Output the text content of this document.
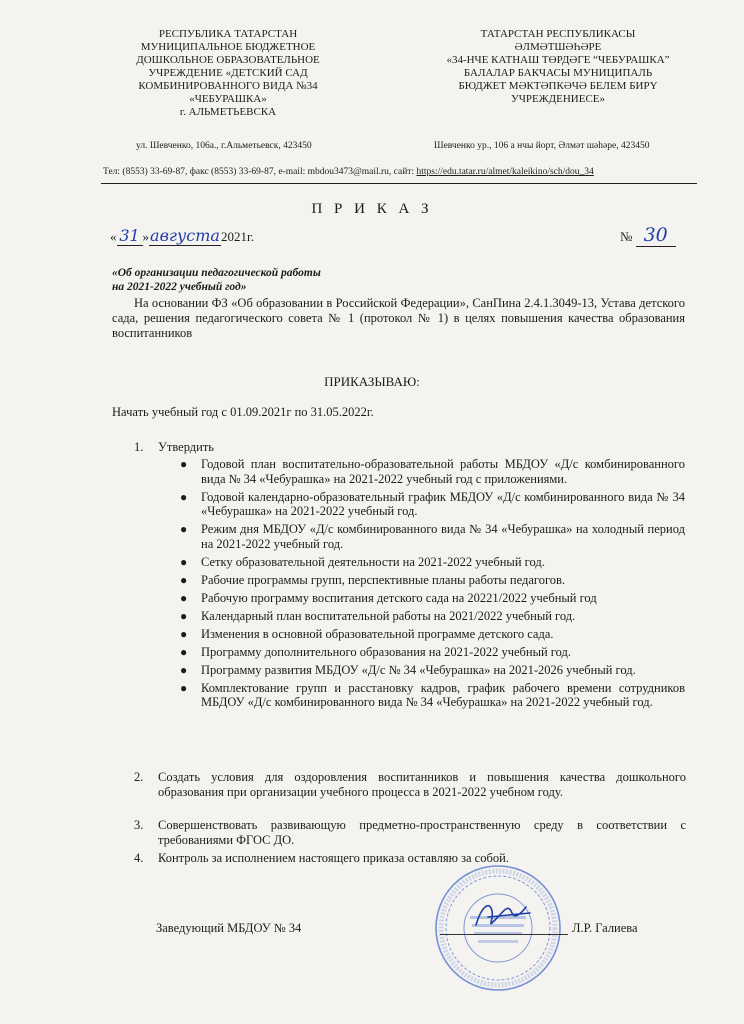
РЕСПУБЛИКА ТАТАРСТАН
МУНИЦИПАЛЬНОЕ БЮДЖЕТНОЕ
ДОШКОЛЬНОЕ ОБРАЗОВАТЕЛЬНОЕ
УЧРЕЖДЕНИЕ «ДЕТСКИЙ САД
КОМБИНИРОВАННОГО ВИДА №34
«ЧЕБУРАШКА»
г. АЛЬМЕТЬЕВСКА
ТАТАРСТАН РЕСПУБЛИКАСЫ
ӘЛМӘТШӘҺӘРЕ
«34-НЧЕ КАТНАШ ТӨРДӘГЕ “ЧЕБУРАШКА”
БАЛАЛАР БАКЧАСЫ МУНИЦИПАЛЬ
БЮДЖЕТ МӘКТӘПКӘЧӘ БЕЛЕМ БИРҮ
УЧРЕЖДЕНИЕСЕ»
ул. Шевченко, 106а., г.Альметьевск, 423450	Шевченко ур., 106 а нчы йорт, Әлмәт шәһәре, 423450
Тел: (8553) 33-69-87, факс (8553) 33-69-87, e-mail: mbdou3473@mail.ru, сайт: https://edu.tatar.ru/almet/kaleikino/sch/dou_34
П Р И К А З
« 31 »августа2021г.	№ 30
«Об организации педагогической работы
на 2021-2022 учебный год»
На основании ФЗ «Об образовании в Российской Федерации», СанПина 2.4.1.3049-13, Устава детского сада, решения педагогического совета № 1 (протокол № 1) в целях повышения качества образования воспитанников
ПРИКАЗЫВАЮ:
Начать учебный год с 01.09.2021г по 31.05.2022г.
1.	Утвердить
● Годовой план воспитательно-образовательной работы МБДОУ «Д/с комбинированного вида № 34 «Чебурашка» на 2021-2022 учебный год с приложениями.
● Годовой календарно-образовательный график МБДОУ «Д/с комбинированного вида № 34 «Чебурашка» на 2021-2022 учебный год.
● Режим дня МБДОУ «Д/с комбинированного вида № 34 «Чебурашка» на холодный период на 2021-2022 учебный год.
● Сетку образовательной деятельности на 2021-2022 учебный год.
● Рабочие программы групп, перспективные планы работы педагогов.
● Рабочую программу воспитания детского сада на 20221/2022 учебный год
● Календарный план воспитательной работы на 2021/2022 учебный год.
● Изменения в основной образовательной программе детского сада.
● Программу дополнительного образования на 2021-2022 учебный год.
● Программу развития МБДОУ «Д/с № 34 «Чебурашка» на 2021-2026 учебный год.
● Комплектование групп и расстановку кадров, график рабочего времени сотрудников МБДОУ «Д/с комбинированного вида № 34 «Чебурашка» на 2021-2022 учебный год.
2.	Создать условия для оздоровления воспитанников и повышения качества дошкольного образования при организации учебного процесса в 2021-2022 учебном году.
3.	Совершенствовать развивающую предметно-пространственную среду в соответствии с требованиями ФГОС ДО.
4.	Контроль за исполнением настоящего приказа оставляю за собой.
Заведующий МБДОУ № 34	Л.Р. Галиева
